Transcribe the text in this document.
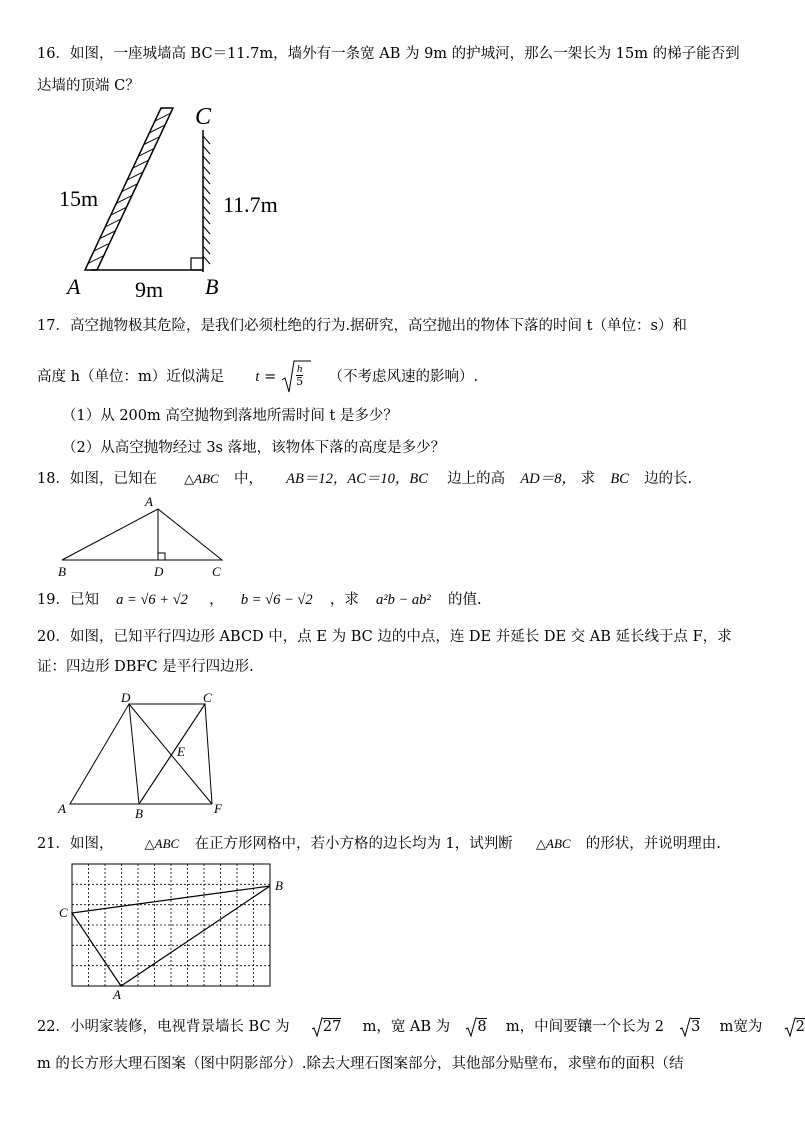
16．如图，一座城墙高 BC＝11.7m，墙外有一条宽 AB 为 9m 的护城河，那么一架长为 15m 的梯子能否到
达墙的顶端 C？
C
A	B
15m	11.7m
9m
17．高空抛物极其危险，是我们必须杜绝的行为.据研究，高空抛出的物体下落的时间 t（单位：s）和
高度 h（单位：m）近似满足 $t = \frac{h}{5}$ （不考虑风速的影响）.
（1）从 200m 高空抛物到落地所需时间 t 是多少？
（2）从高空抛物经过 3s 落地，该物体下落的高度是多少？
18．如图，已知在 △ABC 中， AB＝12，AC＝10，BC 边上的高 AD＝8， 求 BC 边的长.
A
B	D	C
19．已知 a = √6 + √2 ， b = √6 − √2 ，求 a²b − ab² 的值.
20．如图，已知平行四边形 ABCD 中，点 E 为 BC 边的中点，连 DE 并延长 DE 交 AB 延长线于点 F，求
证：四边形 DBFC 是平行四边形.
A	B
C
D
E
F
21．如图， △ABC 在正方形网格中，若小方格的边长均为 1，试判断 △ABC 的形状，并说明理由.
C
B
A
22．小明家装修，电视背景墙长 BC 为 27 m，宽 AB 为 8 m，中间要镶一个长为 2 3 m宽为 2
m 的长方形大理石图案（图中阴影部分）.除去大理石图案部分，其他部分贴壁布，求壁布的面积（结
